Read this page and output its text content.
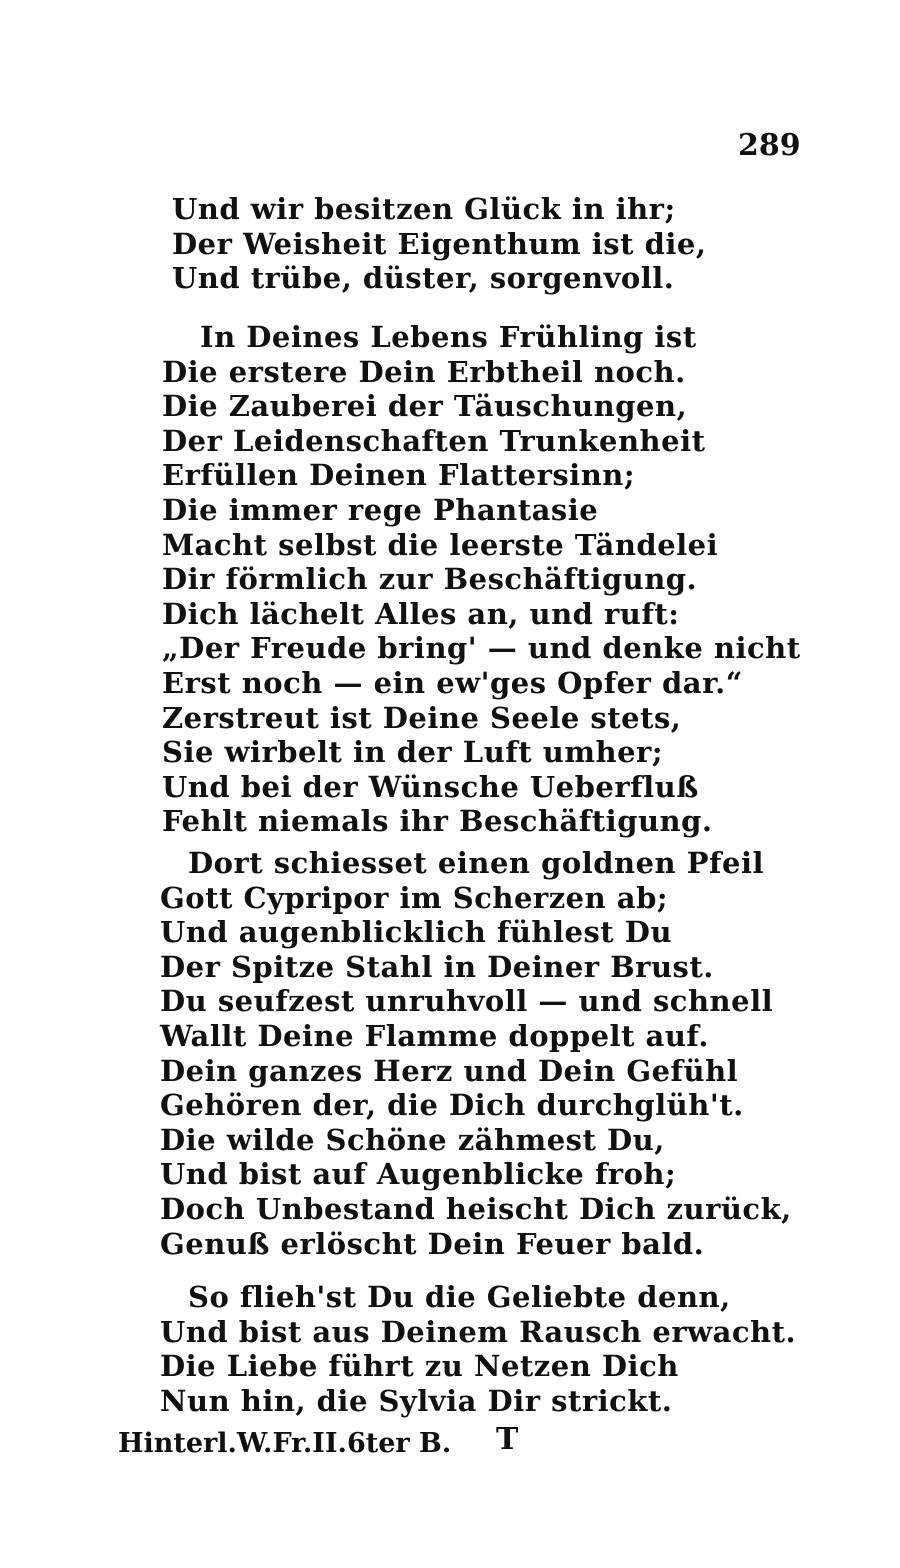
289
Und wir besitzen Glück in ihr;
Der Weisheit Eigenthum ist die,
Und trübe, düster, sorgenvoll.
In Deines Lebens Frühling ist
Die erstere Dein Erbtheil noch.
Die Zauberei der Täuschungen,
Der Leidenschaften Trunkenheit
Erfüllen Deinen Flattersinn;
Die immer rege Phantasie
Macht selbst die leerste Tändelei
Dir förmlich zur Beschäftigung.
Dich lächelt Alles an, und ruft:
„Der Freude bring' — und denke nicht
Erst noch — ein ew'ges Opfer dar.“
Zerstreut ist Deine Seele stets,
Sie wirbelt in der Luft umher;
Und bei der Wünsche Ueberfluß
Fehlt niemals ihr Beschäftigung.
Dort schiesset einen goldnen Pfeil
Gott Cypripor im Scherzen ab;
Und augenblicklich fühlest Du
Der Spitze Stahl in Deiner Brust.
Du seufzest unruhvoll — und schnell
Wallt Deine Flamme doppelt auf.
Dein ganzes Herz und Dein Gefühl
Gehören der, die Dich durchglüh't.
Die wilde Schöne zähmest Du,
Und bist auf Augenblicke froh;
Doch Unbestand heischt Dich zurück,
Genuß erlöscht Dein Feuer bald.
So flieh'st Du die Geliebte denn,
Und bist aus Deinem Rausch erwacht.
Die Liebe führt zu Netzen Dich
Nun hin, die Sylvia Dir strickt.
Hinterl.W.Fr.II.6ter B. T
